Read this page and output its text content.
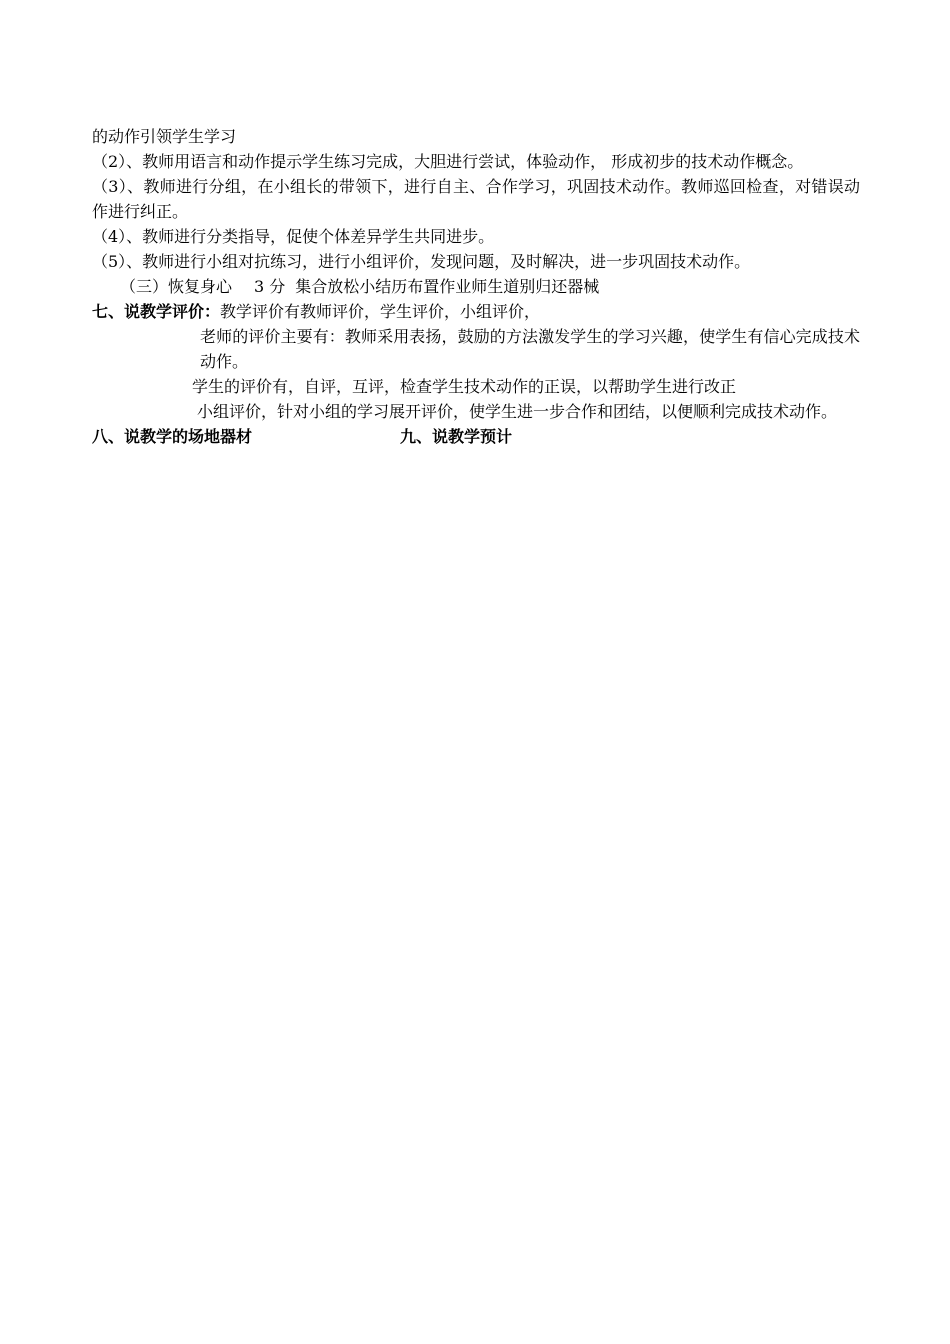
的动作引领学生学习

（2）、教师用语言和动作提示学生练习完成，大胆进行尝试，体验动作， 形成初步的技术动作概念。

（3）、教师进行分组，在小组长的带领下，进行自主、合作学习，巩固技术动作。教师巡回检查，对错误动作进行纠正。

（4）、教师进行分类指导，促使个体差异学生共同进步。

（5）、教师进行小组对抗练习，进行小组评价，发现问题，及时解决，进一步巩固技术动作。

（三）恢复身心 3 分 集合放松小结历布置作业师生道别归还器械

七、说教学评价：教学评价有教师评价，学生评价，小组评价，

老师的评价主要有：教师采用表扬，鼓励的方法激发学生的学习兴趣，使学生有信心完成技术动作。

学生的评价有，自评，互评，检查学生技术动作的正误，以帮助学生进行改正

小组评价，针对小组的学习展开评价，使学生进一步合作和团结，以便顺利完成技术动作。

八、说教学的场地器材	九、说教学预计
